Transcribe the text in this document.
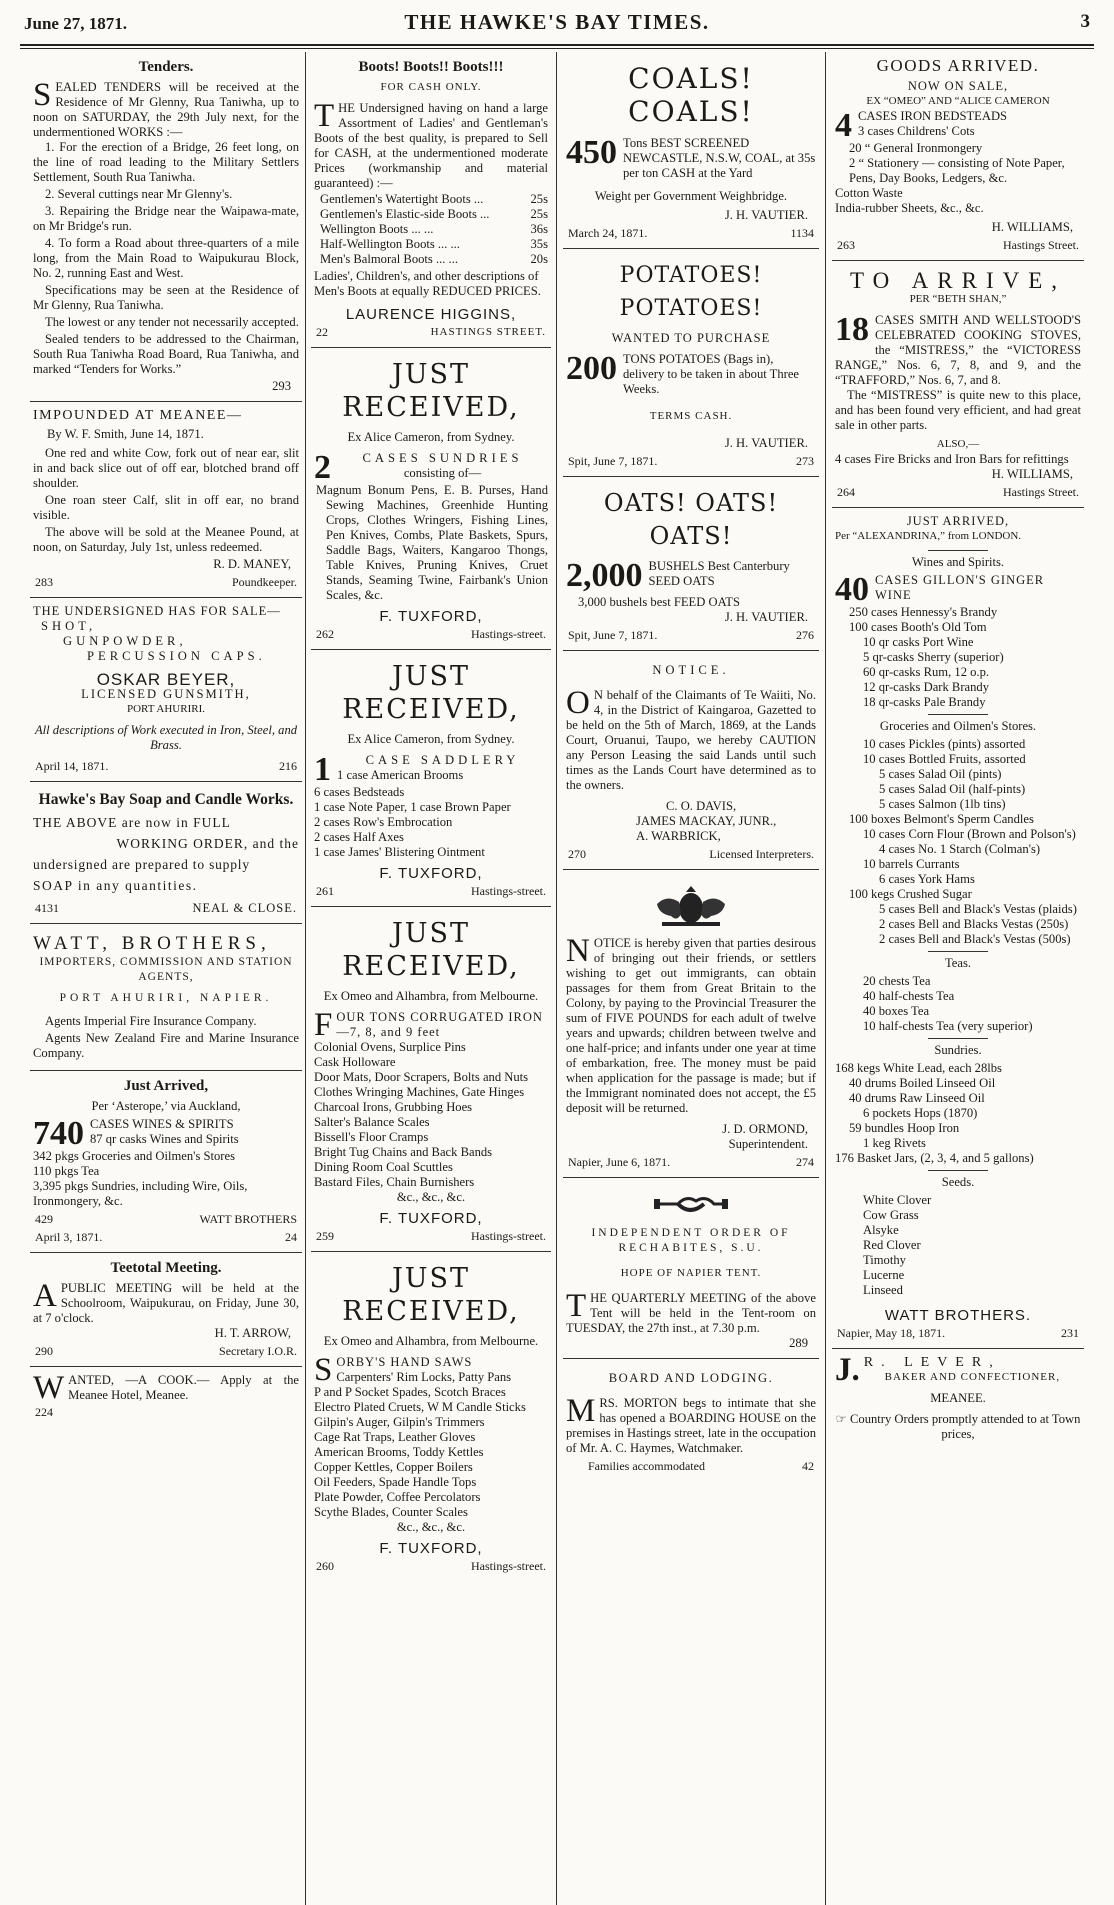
June 27, 1871.	THE HAWKE'S BAY TIMES.	3
Tenders.
SEALED TENDERS will be received at the Residence of Mr Glenny, Rua Taniwha, up to noon on SATURDAY, the 29th July next, for the undermentioned WORKS :—

1. For the erection of a Bridge, 26 feet long, on the line of road leading to the Military Settlers Settlement, South Rua Taniwha.

2. Several cuttings near Mr Glenny's.

3. Repairing the Bridge near the Waipawa-mate, on Mr Bridge's run.

4. To form a Road about three-quarters of a mile long, from the Main Road to Waipukurau Block, No. 2, running East and West.

Specifications may be seen at the Residence of Mr Glenny, Rua Taniwha.

The lowest or any tender not necessarily accepted.

Sealed tenders to be addressed to the Chairman, South Rua Taniwha Road Board, Rua Taniwha, and marked “Tenders for Works.”

293
IMPOUNDED AT MEANEE—
By W. F. Smith, June 14, 1871.

One red and white Cow, fork out of near ear, slit in and back slice out of off ear, blotched brand off shoulder.

One roan steer Calf, slit in off ear, no brand visible.

The above will be sold at the Meanee Pound, at noon, on Saturday, July 1st, unless redeemed.

R. D. MANEY,
283	Poundkeeper.
THE UNDERSIGNED HAS FOR SALE—
SHOT,
GUNPOWDER,
PERCUSSION CAPS.
OSKAR BEYER,
LICENSED GUNSMITH,
PORT AHURIRI.
All descriptions of Work executed in Iron, Steel, and Brass.
April 14, 1871.	216
Hawke's Bay Soap and Candle Works.
THE ABOVE are now in FULL
WORKING ORDER, and the
undersigned are prepared to supply
SOAP in any quantities.
4131	NEAL & CLOSE.
WATT, BROTHERS,
IMPORTERS, COMMISSION AND STATION AGENTS,
PORT AHURIRI, NAPIER.

Agents Imperial Fire Insurance Company.

Agents New Zealand Fire and Marine Insurance Company.

Just Arrived,
Per ‘Asterope,’ via Auckland,
740 CASES WINES & SPIRITS
87 qr casks Wines and Spirits
342 pkgs Groceries and Oilmen's Stores
110 pkgs Tea
3,395 pkgs Sundries, including Wire, Oils, Ironmongery, &c.
429	WATT BROTHERS
April 3, 1871.	24
Teetotal Meeting.
APUBLIC MEETING will be held at the Schoolroom, Waipukurau, on Friday, June 30, at 7 o'clock.
H. T. ARROW,
290	Secretary I.O.R.
WANTED, —A COOK.— Apply at the Meanee Hotel, Meanee.
224
Boots! Boots!! Boots!!!
FOR CASH ONLY.
THE Undersigned having on hand a large Assortment of Ladies' and Gentleman's Boots of the best quality, is prepared to Sell for CASH, at the undermentioned moderate Prices (workmanship and material guaranteed) :—
Gentlemen's Watertight Boots ...	25s
Gentlemen's Elastic-side Boots ...	25s
Wellington Boots ... ...	36s
Half-Wellington Boots ... ...	35s
Men's Balmoral Boots ... ...	20s
Ladies', Children's, and other descriptions of Men's Boots at equally REDUCED PRICES.
LAURENCE HIGGINS,
22	HASTINGS STREET.
JUST RECEIVED,
Ex Alice Cameron, from Sydney.
2	CASES SUNDRIES
consisting of—
Magnum Bonum Pens, E. B. Purses, Hand Sewing Machines, Greenhide Hunting Crops, Clothes Wringers, Fishing Lines, Pen Knives, Combs, Plate Baskets, Spurs, Saddle Bags, Waiters, Kangaroo Thongs, Table Knives, Pruning Knives, Cruet Stands, Seaming Twine, Fairbank's Union Scales, &c.
F. TUXFORD,
262	Hastings-street.
JUST RECEIVED,
Ex Alice Cameron, from Sydney.
1	CASE SADDLERY
1 case American Brooms
6 cases Bedsteads
1 case Note Paper, 1 case Brown Paper
2 cases Row's Embrocation
2 cases Half Axes
1 case James' Blistering Ointment
F. TUXFORD,
261	Hastings-street.
JUST RECEIVED,
Ex Omeo and Alhambra, from Melbourne.
FOUR TONS CORRUGATED IRON—7, 8, and 9 feet
Colonial Ovens, Surplice Pins
Cask Holloware
Door Mats, Door Scrapers, Bolts and Nuts
Clothes Wringing Machines, Gate Hinges
Charcoal Irons, Grubbing Hoes
Salter's Balance Scales
Bissell's Floor Cramps
Bright Tug Chains and Back Bands
Dining Room Coal Scuttles
Bastard Files, Chain Burnishers
&c., &c., &c.
F. TUXFORD,
259	Hastings-street.
JUST RECEIVED,
Ex Omeo and Alhambra, from Melbourne.
SORBY'S HAND SAWS
Carpenters' Rim Locks, Patty Pans
P and P Socket Spades, Scotch Braces
Electro Plated Cruets, W M Candle Sticks
Gilpin's Auger, Gilpin's Trimmers
Cage Rat Traps, Leather Gloves
American Brooms, Toddy Kettles
Copper Kettles, Copper Boilers
Oil Feeders, Spade Handle Tops
Plate Powder, Coffee Percolators
Scythe Blades, Counter Scales
&c., &c., &c.
F. TUXFORD,
260	Hastings-street.
COALS! COALS!
450 Tons BEST SCREENED NEWCASTLE, N.S.W, COAL, at 35s per ton CASH at the Yard
Weight per Government Weighbridge.
J. H. VAUTIER.
March 24, 1871.	1134
POTATOES! POTATOES!
WANTED TO PURCHASE
200 TONS POTATOES (Bags in), delivery to be taken in about Three Weeks.
TERMS CASH.
J. H. VAUTIER.
Spit, June 7, 1871.	273
OATS! OATS! OATS!
2,000 BUSHELS Best Canterbury SEED OATS
3,000 bushels best FEED OATS
J. H. VAUTIER.
Spit, June 7, 1871.	276
NOTICE.
O N behalf of the Claimants of Te Waiiti, No. 4, in the District of Kaingaroa, Gazetted to be held on the 5th of March, 1869, at the Lands Court, Oruanui, Taupo, we hereby CAUTION any Person Leasing the said Lands until such times as the Lands Court have determined as to the owners.
C. O. DAVIS,
JAMES MACKAY, JUNR.,
A. WARBRICK,
270	Licensed Interpreters.
NOTICE is hereby given that parties desirous of bringing out their friends, or settlers wishing to get out immigrants, can obtain passages for them from Great Britain to the Colony, by paying to the Provincial Treasurer the sum of FIVE POUNDS for each adult of twelve years and upwards; children between twelve and one half-price; and infants under one year at time of embarkation, free. The money must be paid when application for the passage is made; but if the Immigrant nominated does not accept, the £5 deposit will be returned.
J. D. ORMOND,
Superintendent.
Napier, June 6, 1871.	274
INDEPENDENT ORDER OF RECHABITES, S.U.
HOPE OF NAPIER TENT.
THE QUARTERLY MEETING of the above Tent will be held in the Tent-room on TUESDAY, the 27th inst., at 7.30 p.m.
289
BOARD AND LODGING.
MRS. MORTON begs to intimate that she has opened a BOARDING HOUSE on the premises in Hastings street, late in the occupation of Mr. A. C. Haymes, Watchmaker.
Families accommodated	42
GOODS ARRIVED.
NOW ON SALE,
EX “OMEO” AND “ALICE CAMERON
4 CASES IRON BEDSTEADS
3 cases Childrens' Cots
20 “ General Ironmongery
2 “ Stationery — consisting of Note Paper, Pens, Day Books, Ledgers, &c.
Cotton Waste
India-rubber Sheets, &c., &c.
H. WILLIAMS,
263	Hastings Street.
TO ARRIVE,
PER “BETH SHAN,”
18 CASES SMITH AND WELLSTOOD'S CELEBRATED COOKING STOVES, the “MISTRESS,” the “VICTORESS RANGE,” Nos. 6, 7, 8, and 9, and the “TRAFFORD,” Nos. 6, 7, and 8.

The “MISTRESS” is quite new to this place, and has been found very efficient, and had great sale in other parts.

ALSO,—
4 cases Fire Bricks and Iron Bars for refittings
H. WILLIAMS,
264	Hastings Street.
JUST ARRIVED,
Per “ALEXANDRINA,” from LONDON.
Wines and Spirits.
40 CASES GILLON'S GINGER WINE
250 cases Hennessy's Brandy
100 cases Booth's Old Tom
10 qr casks Port Wine
5 qr-casks Sherry (superior)
60 qr-casks Rum, 12 o.p.
12 qr-casks Dark Brandy
18 qr-casks Pale Brandy
Groceries and Oilmen's Stores.
10 cases Pickles (pints) assorted
10 cases Bottled Fruits, assorted
5 cases Salad Oil (pints)
5 cases Salad Oil (half-pints)
5 cases Salmon (1lb tins)
100 boxes Belmont's Sperm Candles
10 cases Corn Flour (Brown and Polson's)
4 cases No. 1 Starch (Colman's)
10 barrels Currants
6 cases York Hams
100 kegs Crushed Sugar
5 cases Bell and Black's Vestas (plaids)
2 cases Bell and Blacks Vestas (250s)
2 cases Bell and Black's Vestas (500s)
Teas.
20 chests Tea
40 half-chests Tea
40 boxes Tea
10 half-chests Tea (very superior)
Sundries.
168 kegs White Lead, each 28lbs
40 drums Boiled Linseed Oil
40 drums Raw Linseed Oil
6 pockets Hops (1870)
59 bundles Hoop Iron
1 keg Rivets
176 Basket Jars, (2, 3, 4, and 5 gallons)
Seeds.
White Clover
Cow Grass
Alsyke
Red Clover
Timothy
Lucerne
Linseed
WATT BROTHERS.
Napier, May 18, 1871.	231
J. R. LEVER,
BAKER AND CONFECTIONER,
MEANEE.
☞ Country Orders promptly attended to at Town prices,
